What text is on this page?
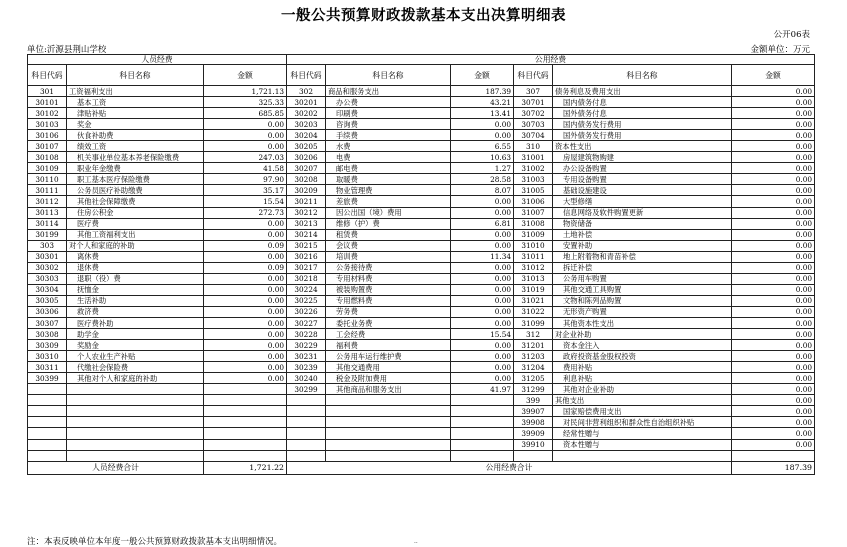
一般公共预算财政拨款基本支出决算明细表
公开06表
单位:沂源县荆山学校	金额单位：万元
人员经费			公用经费					
科目代码	科目名称	金额	科目代码	科目名称	金额	科目代码	科目名称	金额
301	工资福利支出	1,721.13	302	商品和服务支出	187.39	307	债务利息及费用支出	0.00
30101	基本工资	325.33	30201	办公费	43.21	30701	国内债务付息	0.00
30102	津贴补贴	685.85	30202	印刷费	13.41	30702	国外债务付息	0.00
30103	奖金	0.00	30203	咨询费	0.00	30703	国内债务发行费用	0.00
30106	伙食补助费	0.00	30204	手续费	0.00	30704	国外债务发行费用	0.00
30107	绩效工资	0.00	30205	水费	6.55	310	资本性支出	0.00
30108	机关事业单位基本养老保险缴费	247.03	30206	电费	10.63	31001	房屋建筑物购建	0.00
30109	职业年金缴费	41.58	30207	邮电费	1.27	31002	办公设备购置	0.00
30110	职工基本医疗保险缴费	97.90	30208	取暖费	28.58	31003	专用设备购置	0.00
30111	公务员医疗补助缴费	35.17	30209	物业管理费	8.07	31005	基础设施建设	0.00
30112	其他社会保障缴费	15.54	30211	差旅费	0.00	31006	大型修缮	0.00
30113	住房公积金	272.73	30212	因公出国（境）费用	0.00	31007	信息网络及软件购置更新	0.00
30114	医疗费	0.00	30213	维修（护）费	6.81	31008	物资储备	0.00
30199	其他工资福利支出	0.00	30214	租赁费	0.00	31009	土地补偿	0.00
303	对个人和家庭的补助	0.09	30215	会议费	0.00	31010	安置补助	0.00
30301	离休费	0.00	30216	培训费	11.34	31011	地上附着物和青苗补偿	0.00
30302	退休费	0.09	30217	公务接待费	0.00	31012	拆迁补偿	0.00
30303	退职（役）费	0.00	30218	专用材料费	0.00	31013	公务用车购置	0.00
30304	抚恤金	0.00	30224	被装购置费	0.00	31019	其他交通工具购置	0.00
30305	生活补助	0.00	30225	专用燃料费	0.00	31021	文物和陈列品购置	0.00
30306	救济费	0.00	30226	劳务费	0.00	31022	无形资产购置	0.00
30307	医疗费补助	0.00	30227	委托业务费	0.00	31099	其他资本性支出	0.00
30308	助学金	0.00	30228	工会经费	15.54	312	对企业补助	0.00
30309	奖励金	0.00	30229	福利费	0.00	31201	资本金注入	0.00
30310	个人农业生产补贴	0.00	30231	公务用车运行维护费	0.00	31203	政府投资基金股权投资	0.00
30311	代缴社会保险费	0.00	30239	其他交通费用	0.00	31204	费用补贴	0.00
30399	其他对个人和家庭的补助	0.00	30240	税金及附加费用	0.00	31205	利息补贴	0.00
			30299	其他商品和服务支出	41.97	31299	其他对企业补助	0.00
						399	其他支出	0.00
						39907	国家赔偿费用支出	0.00
						39908	对民间非营利组织和群众性自治组织补贴	0.00
						39909	经常性赠与	0.00
						39910	资本性赠与	0.00

人员经费合计		1,721.22	公用经费合计					187.39
注：本表反映单位本年度一般公共预算财政拨款基本支出明细情况。	··
